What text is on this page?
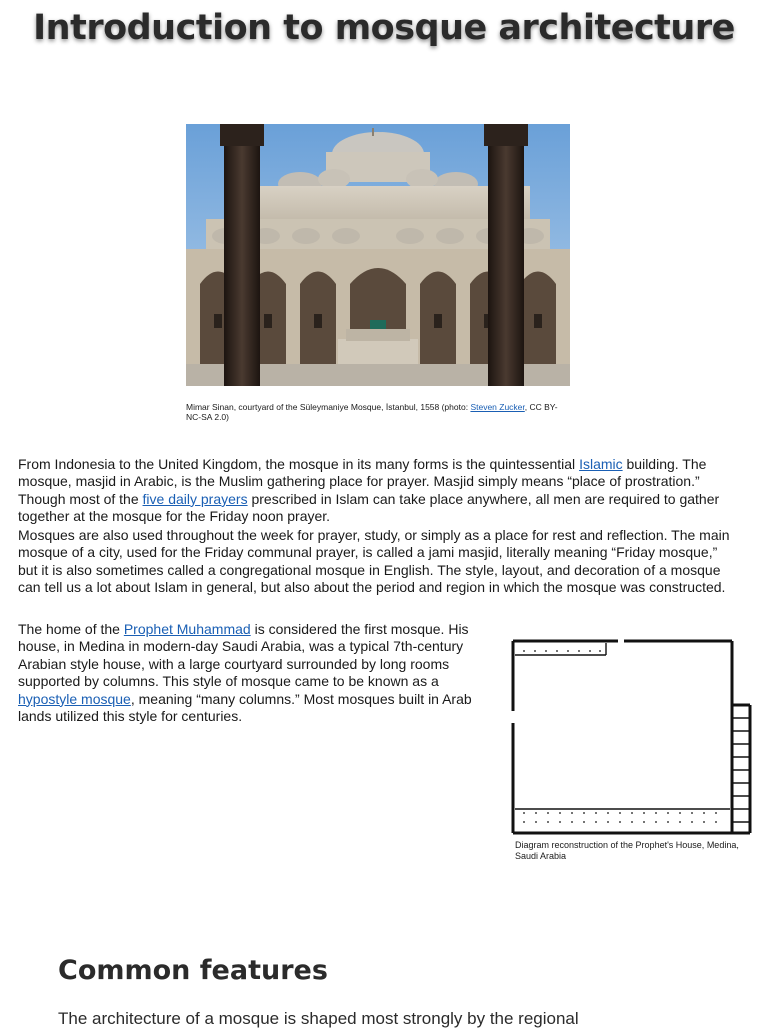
Introduction to mosque architecture
Mimar Sinan, courtyard of the Süleymaniye Mosque, İstanbul, 1558 (photo: Steven Zucker, CC BY-NC-SA 2.0)

From Indonesia to the United Kingdom, the mosque in its many forms is the quintessential Islamic building. The mosque, masjid in Arabic, is the Muslim gathering place for prayer. Masjid simply means “place of prostration.” Though most of the five daily prayers prescribed in Islam can take place anywhere, all men are required to gather together at the mosque for the Friday noon prayer.

Mosques are also used throughout the week for prayer, study, or simply as a place for rest and reflection. The main mosque of a city, used for the Friday communal prayer, is called a jami masjid, literally meaning “Friday mosque,” but it is also sometimes called a congregational mosque in English. The style, layout, and decoration of a mosque can tell us a lot about Islam in general, but also about the period and region in which the mosque was constructed.

The home of the Prophet Muhammad is considered the first mosque. His house, in Medina in modern-day Saudi Arabia, was a typical 7th-century Arabian style house, with a large courtyard surrounded by long rooms supported by columns. This style of mosque came to be known as a hypostyle mosque, meaning “many columns.” Most mosques built in Arab lands utilized this style for centuries.

Diagram reconstruction of the Prophet's House, Medina, Saudi Arabia
Common features

The architecture of a mosque is shaped most strongly by the regional
